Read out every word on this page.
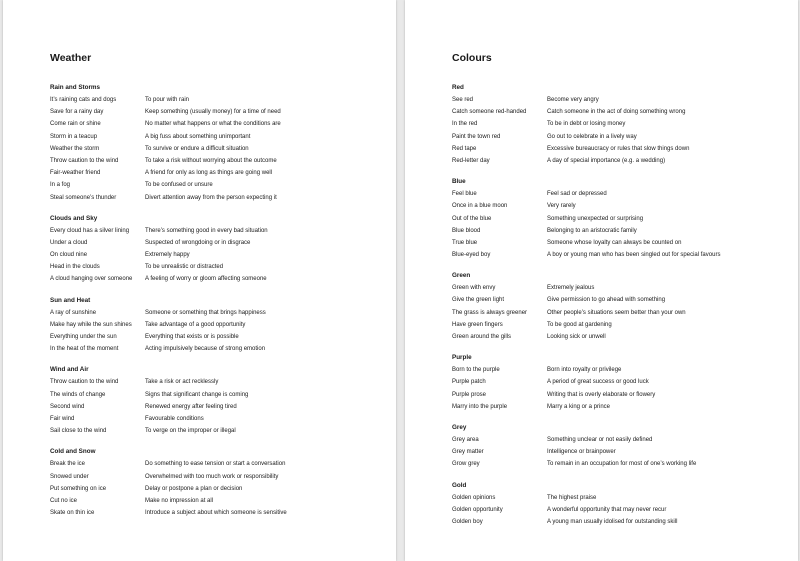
Weather
Rain and Storms
It’s raining cats and dogs	To pour with rain
Save for a rainy day	Keep something (usually money) for a time of need
Come rain or shine	No matter what happens or what the conditions are
Storm in a teacup	A big fuss about something unimportant
Weather the storm	To survive or endure a difficult situation
Throw caution to the wind	To take a risk without worrying about the outcome
Fair-weather friend	A friend for only as long as things are going well
In a fog	To be confused or unsure
Steal someone’s thunder	Divert attention away from the person expecting it
Clouds and Sky
Every cloud has a silver lining	There’s something good in every bad situation
Under a cloud	Suspected of wrongdoing or in disgrace
On cloud nine	Extremely happy
Head in the clouds	To be unrealistic or distracted
A cloud hanging over someone	A feeling of worry or gloom affecting someone
Sun and Heat
A ray of sunshine	Someone or something that brings happiness
Make hay while the sun shines	Take advantage of a good opportunity
Everything under the sun	Everything that exists or is possible
In the heat of the moment	Acting impulsively because of strong emotion
Wind and Air
Throw caution to the wind	Take a risk or act recklessly
The winds of change	Signs that significant change is coming
Second wind	Renewed energy after feeling tired
Fair wind	Favourable conditions
Sail close to the wind	To verge on the improper or illegal
Cold and Snow
Break the ice	Do something to ease tension or start a conversation
Snowed under	Overwhelmed with too much work or responsibility
Put something on ice	Delay or postpone a plan or decision
Cut no ice	Make no impression at all
Skate on thin ice	Introduce a subject about which someone is sensitive
Colours
Red
See red	Become very angry
Catch someone red-handed	Catch someone in the act of doing something wrong
In the red	To be in debt or losing money
Paint the town red	Go out to celebrate in a lively way
Red tape	Excessive bureaucracy or rules that slow things down
Red-letter day	A day of special importance (e.g. a wedding)
Blue
Feel blue	Feel sad or depressed
Once in a blue moon	Very rarely
Out of the blue	Something unexpected or surprising
Blue blood	Belonging to an aristocratic family
True blue	Someone whose loyalty can always be counted on
Blue-eyed boy	A boy or young man who has been singled out for special favours
Green
Green with envy	Extremely jealous
Give the green light	Give permission to go ahead with something
The grass is always greener	Other people’s situations seem better than your own
Have green fingers	To be good at gardening
Green around the gills	Looking sick or unwell
Purple
Born to the purple	Born into royalty or privilege
Purple patch	A period of great success or good luck
Purple prose	Writing that is overly elaborate or flowery
Marry into the purple	Marry a king or a prince
Grey
Grey area	Something unclear or not easily defined
Grey matter	Intelligence or brainpower
Grow grey	To remain in an occupation for most of one’s working life
Gold
Golden opinions	The highest praise
Golden opportunity	A wonderful opportunity that may never recur
Golden boy	A young man usually idolised for outstanding skill
